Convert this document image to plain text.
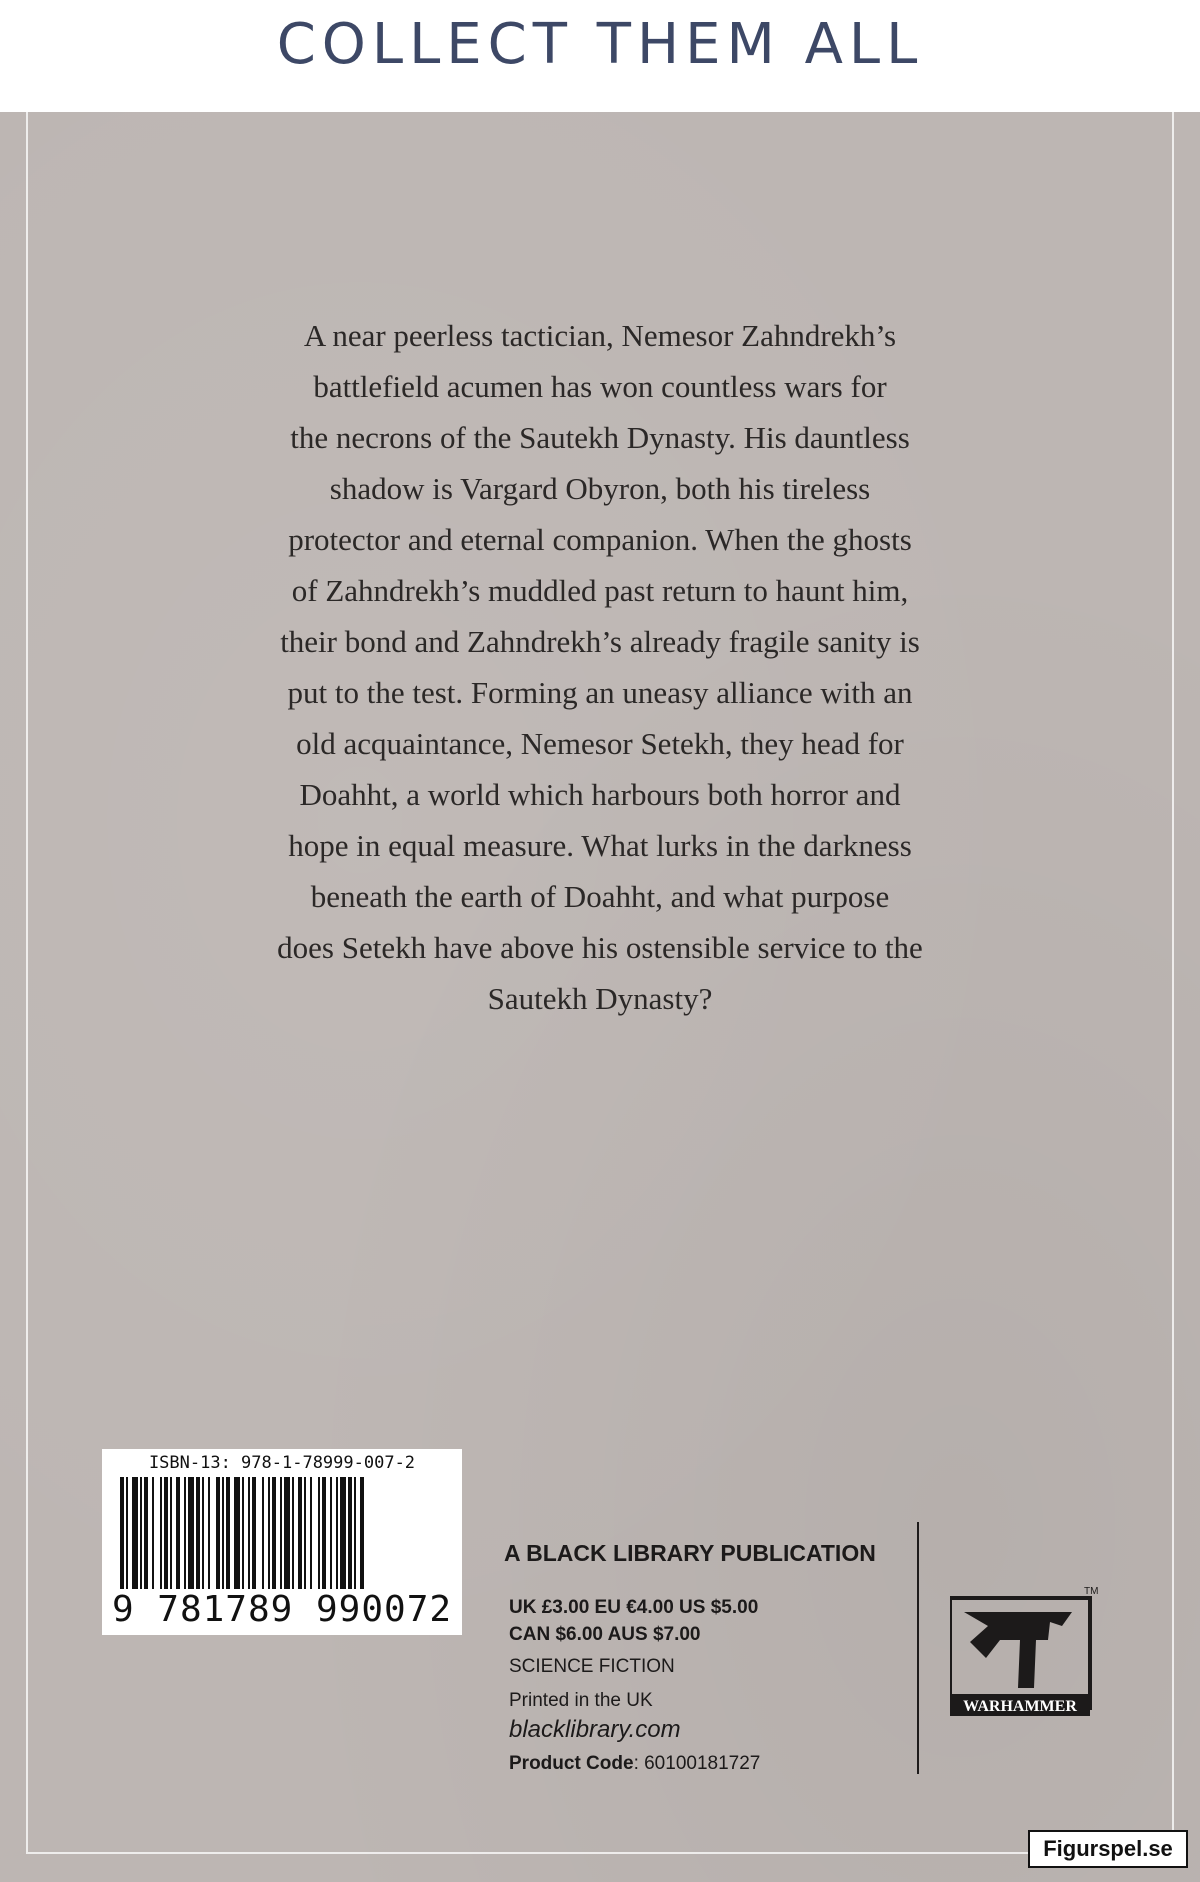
COLLECT THEM ALL
A near peerless tactician, Nemesor Zahndrekh’s
battlefield acumen has won countless wars for
the necrons of the Sautekh Dynasty. His dauntless
shadow is Vargard Obyron, both his tireless
protector and eternal companion. When the ghosts
of Zahndrekh’s muddled past return to haunt him,
their bond and Zahndrekh’s already fragile sanity is
put to the test. Forming an uneasy alliance with an
old acquaintance, Nemesor Setekh, they head for
Doahht, a world which harbours both horror and
hope in equal measure. What lurks in the darkness
beneath the earth of Doahht, and what purpose
does Setekh have above his ostensible service to the
Sautekh Dynasty?
ISBN-13: 978-1-78999-007-2
9 781789 990072
A BLACK LIBRARY PUBLICATION
UK £3.00 EU €4.00 US $5.00
CAN $6.00 AUS $7.00
SCIENCE FICTION
Printed in the UK
blacklibrary.com
Product Code: 60100181727
TM
WARHAMMER
Figurspel.se
